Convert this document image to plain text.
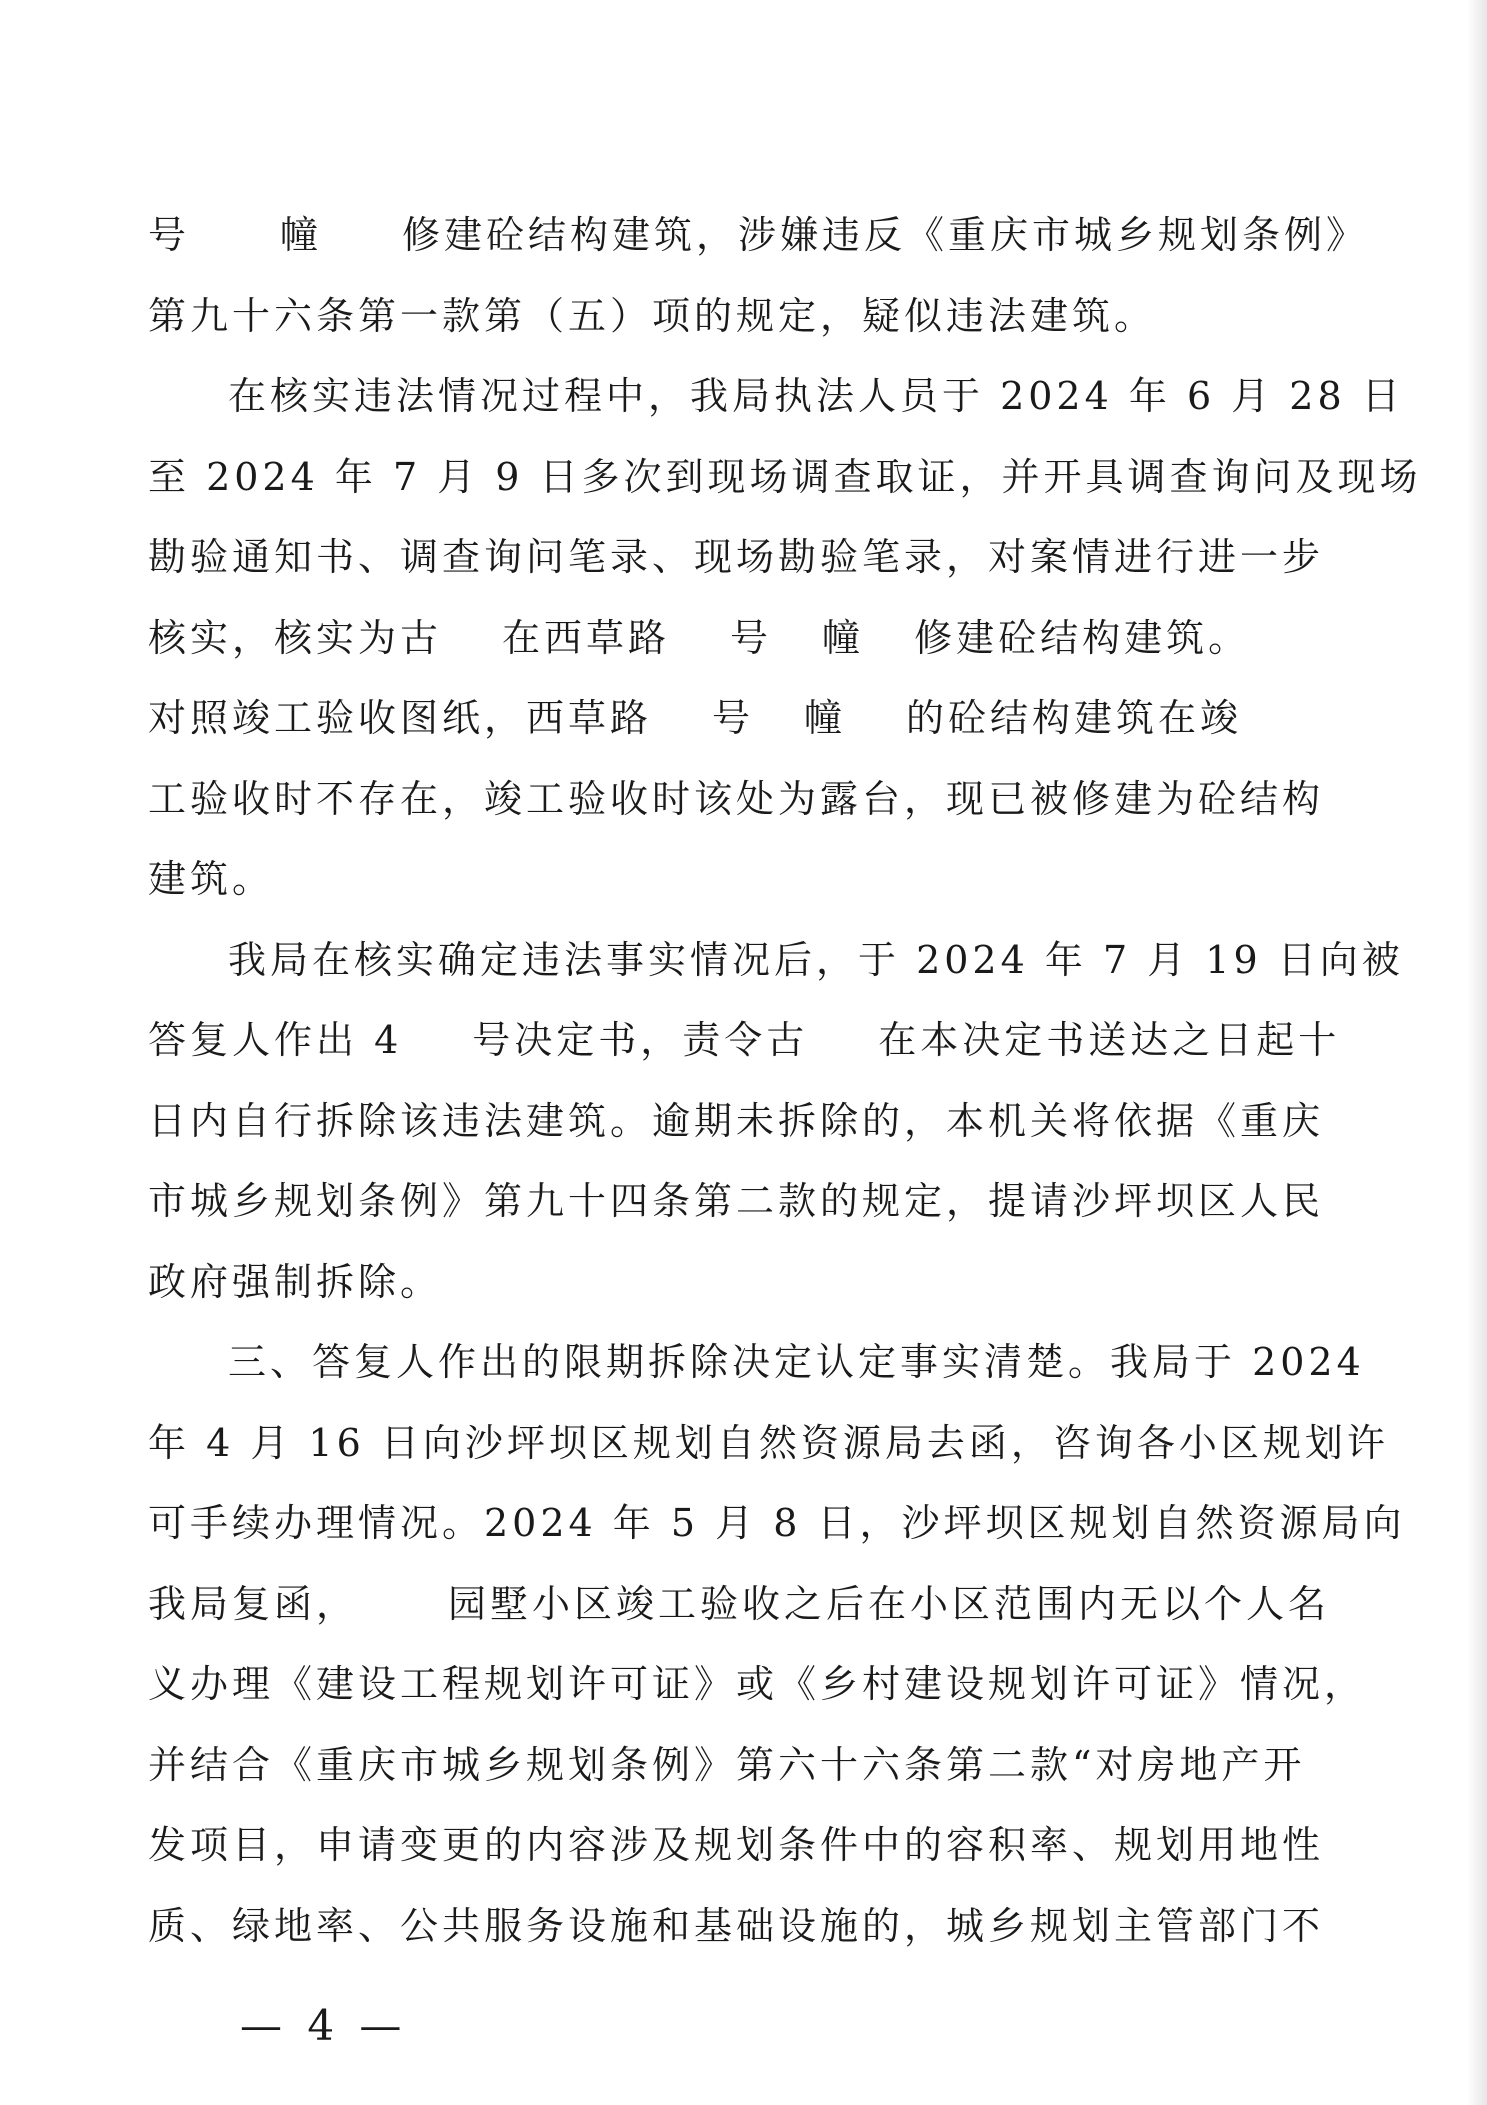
号 幢 修建砼结构建筑，涉嫌违反《重庆市城乡规划条例》
第九十六条第一款第（五）项的规定，疑似违法建筑。
在核实违法情况过程中，我局执法人员于 2024 年 6 月 28 日
至 2024 年 7 月 9 日多次到现场调查取证，并开具调查询问及现场
勘验通知书、调查询问笔录、现场勘验笔录，对案情进行进一步
核实，核实为古 在西草路 号 幢 修建砼结构建筑。
对照竣工验收图纸，西草路 号 幢 的砼结构建筑在竣
工验收时不存在，竣工验收时该处为露台，现已被修建为砼结构
建筑。
我局在核实确定违法事实情况后，于 2024 年 7 月 19 日向被
答复人作出 4 号决定书，责令古 在本决定书送达之日起十
日内自行拆除该违法建筑。逾期未拆除的，本机关将依据《重庆
市城乡规划条例》第九十四条第二款的规定，提请沙坪坝区人民
政府强制拆除。
三、答复人作出的限期拆除决定认定事实清楚。我局于 2024
年 4 月 16 日向沙坪坝区规划自然资源局去函，咨询各小区规划许
可手续办理情况。2024 年 5 月 8 日，沙坪坝区规划自然资源局向
我局复函， 园墅小区竣工验收之后在小区范围内无以个人名
义办理《建设工程规划许可证》或《乡村建设规划许可证》情况，
并结合《重庆市城乡规划条例》第六十六条第二款“对房地产开
发项目，申请变更的内容涉及规划条件中的容积率、规划用地性
质、绿地率、公共服务设施和基础设施的，城乡规划主管部门不
— 4 —
